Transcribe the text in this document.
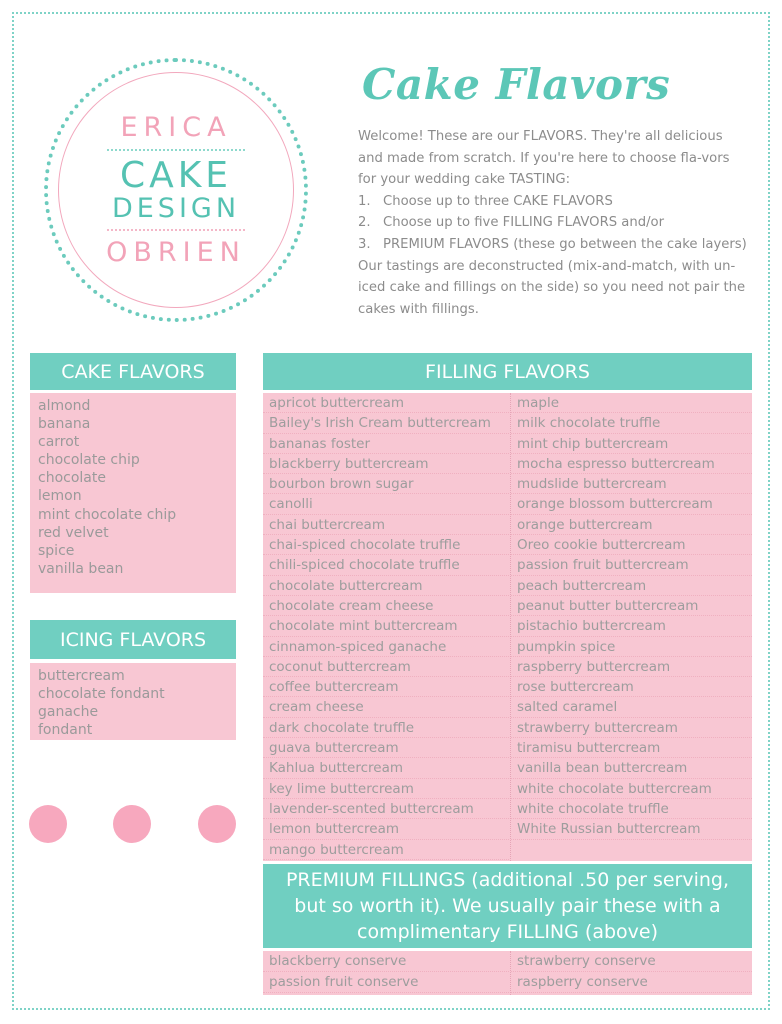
ERICA
CAKE
DESIGN
OBRIEN
Cake Flavors

Welcome! These are our FLAVORS. They're all delicious and made from scratch. If you're here to choose fla-vors for your wedding cake TASTING:

1. Choose up to three CAKE FLAVORS
2. Choose up to five FILLING FLAVORS and/or
3. PREMIUM FLAVORS (these go between the cake layers)

Our tastings are deconstructed (mix-and-match, with un-iced cake and fillings on the side) so you need not pair the cakes with fillings.

CAKE FLAVORS
almond
banana
carrot
chocolate chip
chocolate
lemon
mint chocolate chip
red velvet
spice
vanilla bean
ICING FLAVORS
buttercream
chocolate fondant
ganache
fondant
FILLING FLAVORS
apricot buttercream
Bailey's Irish Cream buttercream
bananas foster
blackberry buttercream
bourbon brown sugar
canolli
chai buttercream
chai-spiced chocolate truffle
chili-spiced chocolate truffle
chocolate buttercream
chocolate cream cheese
chocolate mint buttercream
cinnamon-spiced ganache
coconut buttercream
coffee buttercream
cream cheese
dark chocolate truffle
guava buttercream
Kahlua buttercream
key lime buttercream
lavender-scented buttercream
lemon buttercream
mango buttercream
maple
milk chocolate truffle
mint chip buttercream
mocha espresso buttercream
mudslide buttercream
orange blossom buttercream
orange buttercream
Oreo cookie buttercream
passion fruit buttercream
peach buttercream
peanut butter buttercream
pistachio buttercream
pumpkin spice
raspberry buttercream
rose buttercream
salted caramel
strawberry buttercream
tiramisu buttercream
vanilla bean buttercream
white chocolate buttercream
white chocolate truffle
White Russian buttercream
PREMIUM FILLINGS (additional .50 per serving, but so worth it). We usually pair these with a complimentary FILLING (above)
blackberry conserve
passion fruit conserve
strawberry conserve
raspberry conserve
